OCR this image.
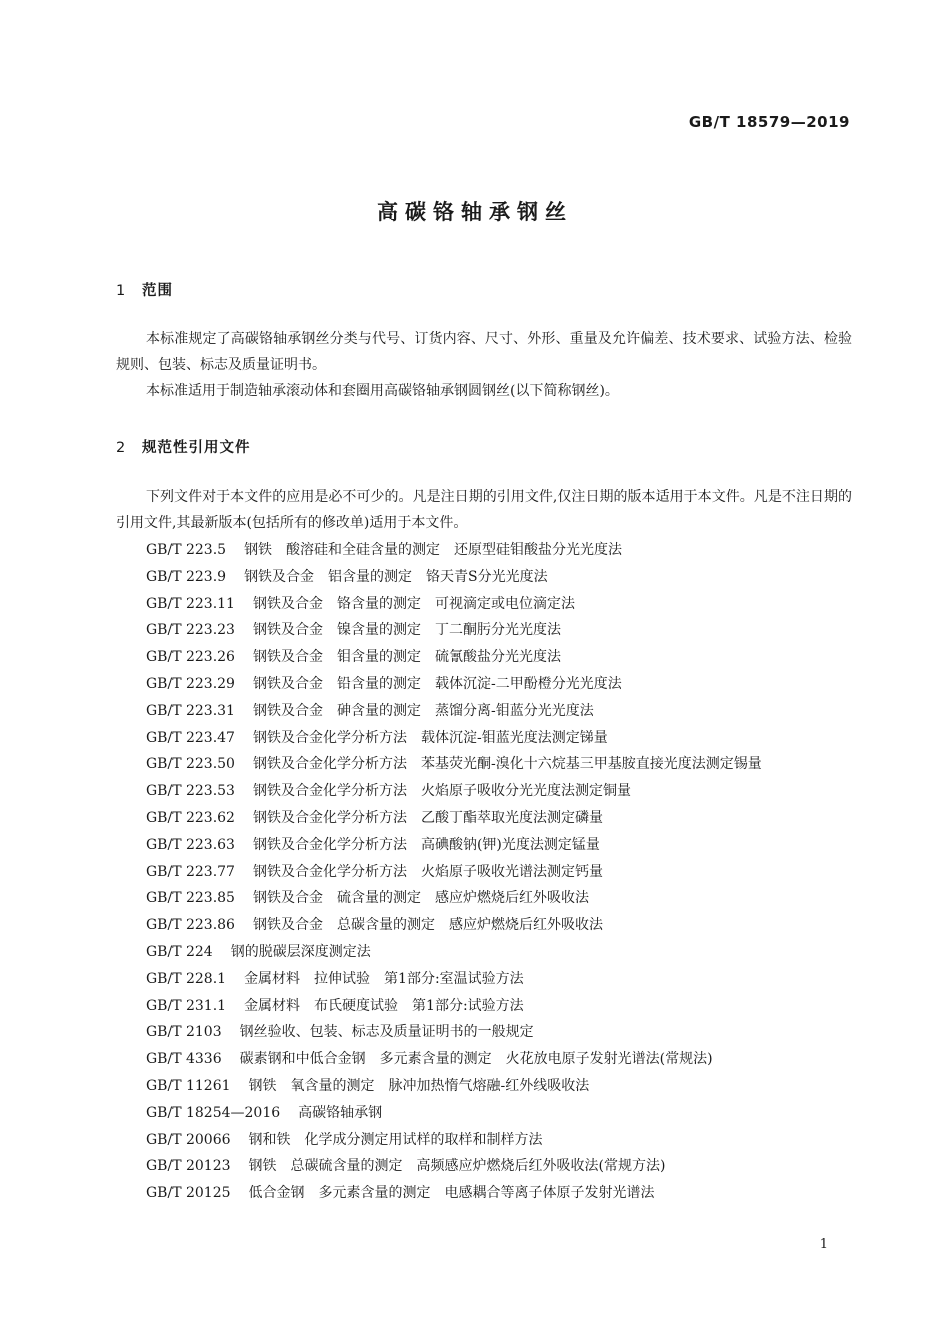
GB/T 18579—2019
高碳铬轴承钢丝
1 范围
本标准规定了高碳铬轴承钢丝分类与代号、订货内容、尺寸、外形、重量及允许偏差、技术要求、试验方法、检验规则、包装、标志及质量证明书。
本标准适用于制造轴承滚动体和套圈用高碳铬轴承钢圆钢丝(以下简称钢丝)。
2 规范性引用文件
下列文件对于本文件的应用是必不可少的。凡是注日期的引用文件,仅注日期的版本适用于本文件。凡是不注日期的引用文件,其最新版本(包括所有的修改单)适用于本文件。
GB/T 223.5 钢铁　酸溶硅和全硅含量的测定　还原型硅钼酸盐分光光度法
GB/T 223.9 钢铁及合金　铝含量的测定　铬天青S分光光度法
GB/T 223.11 钢铁及合金　铬含量的测定　可视滴定或电位滴定法
GB/T 223.23 钢铁及合金　镍含量的测定　丁二酮肟分光光度法
GB/T 223.26 钢铁及合金　钼含量的测定　硫氰酸盐分光光度法
GB/T 223.29 钢铁及合金　铅含量的测定　载体沉淀-二甲酚橙分光光度法
GB/T 223.31 钢铁及合金　砷含量的测定　蒸馏分离-钼蓝分光光度法
GB/T 223.47 钢铁及合金化学分析方法　载体沉淀-钼蓝光度法测定锑量
GB/T 223.50 钢铁及合金化学分析方法　苯基荧光酮-溴化十六烷基三甲基胺直接光度法测定锡量
GB/T 223.53 钢铁及合金化学分析方法　火焰原子吸收分光光度法测定铜量
GB/T 223.62 钢铁及合金化学分析方法　乙酸丁酯萃取光度法测定磷量
GB/T 223.63 钢铁及合金化学分析方法　高碘酸钠(钾)光度法测定锰量
GB/T 223.77 钢铁及合金化学分析方法　火焰原子吸收光谱法测定钙量
GB/T 223.85 钢铁及合金　硫含量的测定　感应炉燃烧后红外吸收法
GB/T 223.86 钢铁及合金　总碳含量的测定　感应炉燃烧后红外吸收法
GB/T 224 钢的脱碳层深度测定法
GB/T 228.1 金属材料　拉伸试验　第1部分:室温试验方法
GB/T 231.1 金属材料　布氏硬度试验　第1部分:试验方法
GB/T 2103 钢丝验收、包装、标志及质量证明书的一般规定
GB/T 4336 碳素钢和中低合金钢　多元素含量的测定　火花放电原子发射光谱法(常规法)
GB/T 11261 钢铁　氧含量的测定　脉冲加热惰气熔融-红外线吸收法
GB/T 18254—2016 高碳铬轴承钢
GB/T 20066 钢和铁　化学成分测定用试样的取样和制样方法
GB/T 20123 钢铁　总碳硫含量的测定　高频感应炉燃烧后红外吸收法(常规方法)
GB/T 20125 低合金钢　多元素含量的测定　电感耦合等离子体原子发射光谱法
1
